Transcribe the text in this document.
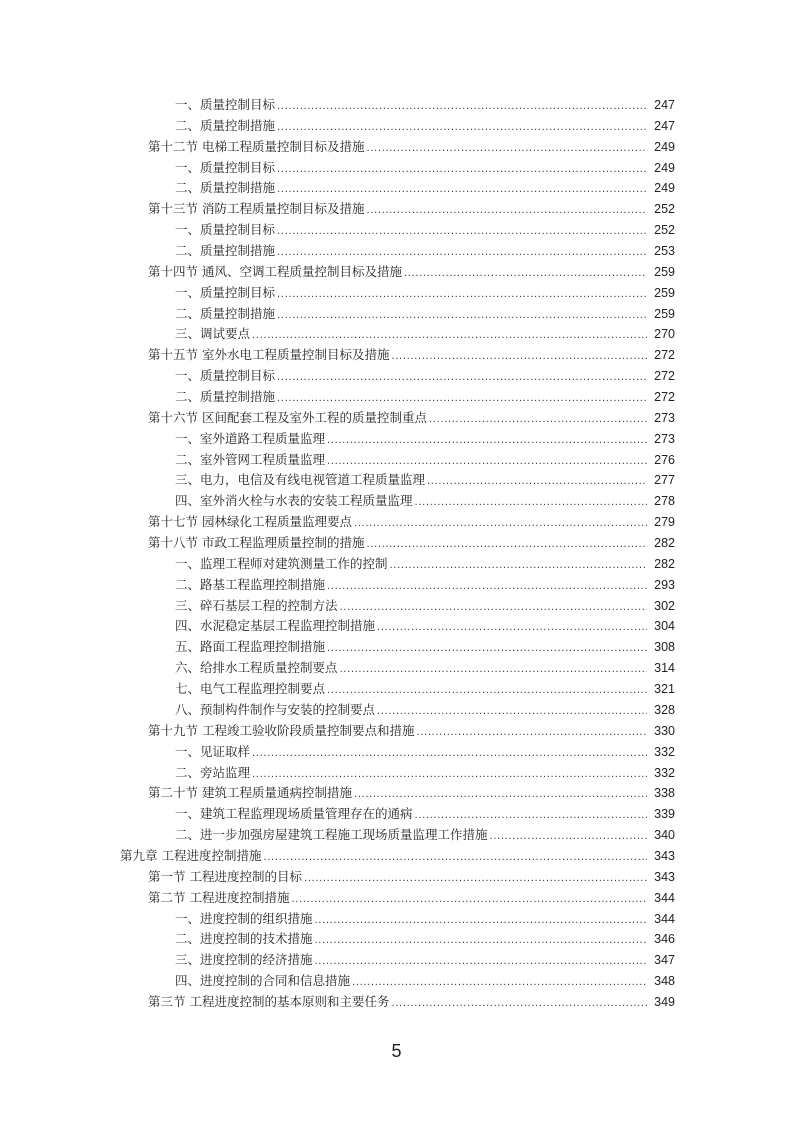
一、质量控制目标 .....	247
二、质量控制措施 .....	247
第十二节 电梯工程质量控制目标及措施 .....	249
一、质量控制目标 .....	249
二、质量控制措施 .....	249
第十三节 消防工程质量控制目标及措施 .....	252
一、质量控制目标 .....	252
二、质量控制措施 .....	253
第十四节 通风、空调工程质量控制目标及措施 .....	259
一、质量控制目标 .....	259
二、质量控制措施 .....	259
三、调试要点 .....	270
第十五节 室外水电工程质量控制目标及措施 .....	272
一、质量控制目标 .....	272
二、质量控制措施 .....	272
第十六节 区间配套工程及室外工程的质量控制重点 .....	273
一、室外道路工程质量监理 .....	273
二、室外管网工程质量监理 .....	276
三、电力，电信及有线电视管道工程质量监理 .....	277
四、室外消火栓与水表的安装工程质量监理 .....	278
第十七节 园林绿化工程质量监理要点 .....	279
第十八节 市政工程监理质量控制的措施 .....	282
一、监理工程师对建筑测量工作的控制 .....	282
二、路基工程监理控制措施 .....	293
三、碎石基层工程的控制方法 .....	302
四、水泥稳定基层工程监理控制措施 .....	304
五、路面工程监理控制措施 .....	308
六、给排水工程质量控制要点 .....	314
七、电气工程监理控制要点 .....	321
八、预制构件制作与安装的控制要点 .....	328
第十九节 工程竣工验收阶段质量控制要点和措施 .....	330
一、见证取样 .....	332
二、旁站监理 .....	332
第二十节 建筑工程质量通病控制措施 .....	338
一、建筑工程监理现场质量管理存在的通病 .....	339
二、进一步加强房屋建筑工程施工现场质量监理工作措施 .....	340
第九章 工程进度控制措施 .....	343
第一节 工程进度控制的目标 .....	343
第二节 工程进度控制措施 .....	344
一、进度控制的组织措施 .....	344
二、进度控制的技术措施 .....	346
三、进度控制的经济措施 .....	347
四、进度控制的合同和信息措施 .....	348
第三节 工程进度控制的基本原则和主要任务 .....	349
5
